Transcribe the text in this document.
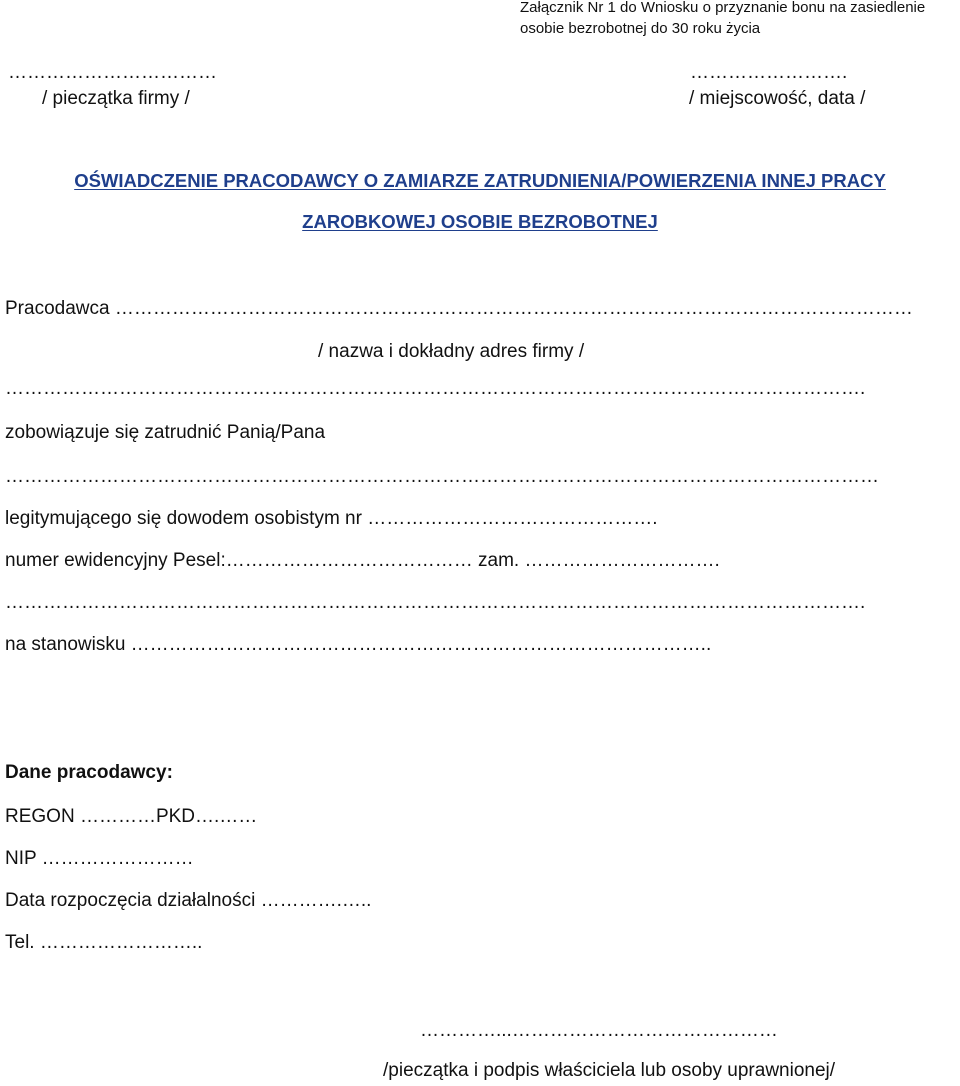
Załącznik Nr 1 do Wniosku o przyznanie bonu na zasiedlenie
osobie bezrobotnej do 30 roku życia
……………………………	…………………….
/ pieczątka firmy /	/ miejscowość, data /
OŚWIADCZENIE PRACODAWCY O ZAMIARZE ZATRUDNIENIA/POWIERZENIA INNEJ PRACY
ZAROBKOWEJ OSOBIE BEZROBOTNEJ
Pracodawca ………………………………………………………………………………………………………………
/ nazwa i dokładny adres firmy /
……………………………………………………………………………………………………………………….
zobowiązuje się zatrudnić Panią/Pana
…………………………………………………………………………………………………………………………
legitymującego się dowodem osobistym nr ……………………………………….
numer ewidencyjny Pesel:………………………………… zam. ………………………….
……………………………………………………………………………………………………………………….
na stanowisku ………………………………………………………………………………..
Dane pracodawcy:
REGON …………PKD….……
NIP ……………………
Data rozpoczęcia działalności ………….…..
Tel. ……………………..
…………...……………………………………
/pieczątka i podpis właściciela lub osoby uprawnionej/
